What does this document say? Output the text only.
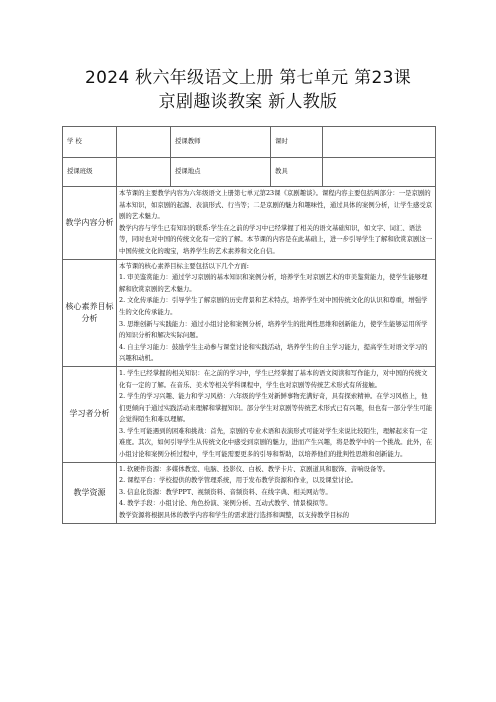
2024 秋六年级语文上册 第七单元 第23课
京剧趣谈教案 新人教版
学 校		授课教师	课时	
授课班级		授课地点	教具	
教学内容分析	本节课的主要教学内容为六年级语文上册第七单元第23课《京剧趣谈》。课程内容主要包括两部分：一是京剧的基本知识，如京剧的起源、表演形式、行当等；二是京剧的魅力和趣味性，通过具体的案例分析，让学生感受京剧的艺术魅力。

教学内容与学生已有知识的联系:学生在之前的学习中已经掌握了相关的语文基础知识，如文字、词汇、语法等，同时也对中国的传统文化有一定的了解。本节课的内容是在此基础上，进一步引导学生了解和欣赏京剧这一中国传统文化的瑰宝，培养学生的艺术素养和文化自信。			

核心素养目标分析	本节课的核心素养目标主要包括以下几个方面:

1. 审美鉴赏能力：通过学习京剧的基本知识和案例分析，培养学生对京剧艺术的审美鉴赏能力，使学生能够理解和欣赏京剧的艺术魅力。

2. 文化传承能力：引导学生了解京剧的历史背景和艺术特点，培养学生对中国传统文化的认识和尊重，增强学生的文化传承能力。

3. 思维创新与实践能力：通过小组讨论和案例分析，培养学生的批判性思维和创新能力，使学生能够运用所学的知识分析和解决实际问题。

4. 自主学习能力：鼓励学生主动参与课堂讨论和实践活动，培养学生的自主学习能力，提高学生对语文学习的兴趣和动机。			

学习者分析	1. 学生已经掌握的相关知识：在之前的学习中，学生已经掌握了基本的语文阅读和写作能力，对中国的传统文化有一定的了解。在音乐、美术等相关学科课程中，学生也对京剧等传统艺术形式有所接触。

2. 学生的学习兴趣、能力和学习风格：六年级的学生对新鲜事物充满好奇，具有探索精神。在学习风格上，他们更倾向于通过实践活动来理解和掌握知识。部分学生对京剧等传统艺术形式已有兴趣，但也有一部分学生可能会觉得陌生和难以理解。

3. 学生可能遇到的困难和挑战：首先，京剧的专业术语和表演形式可能对学生来说比较陌生，理解起来有一定难度。其次，如何引导学生从传统文化中感受到京剧的魅力，进而产生兴趣，将是教学中的一个挑战。此外，在小组讨论和案例分析过程中，学生可能需要更多的引导和帮助，以培养他们的批判性思维和创新能力。			

教学资源	1. 软硬件资源：多媒体教室、电脑、投影仪、白板、教学卡片、京剧道具和服饰、音响设备等。

2. 课程平台：学校提供的教学管理系统，用于发布教学资源和作业，以及课堂讨论。

3. 信息化资源：教学PPT、视频资料、音频资料、在线字典、相关网站等。

4. 教学手段：小组讨论、角色扮演、案例分析、互动式教学、情景模拟等。

教学资源将根据具体的教学内容和学生的需求进行选择和调整，以支持教学目标的			
